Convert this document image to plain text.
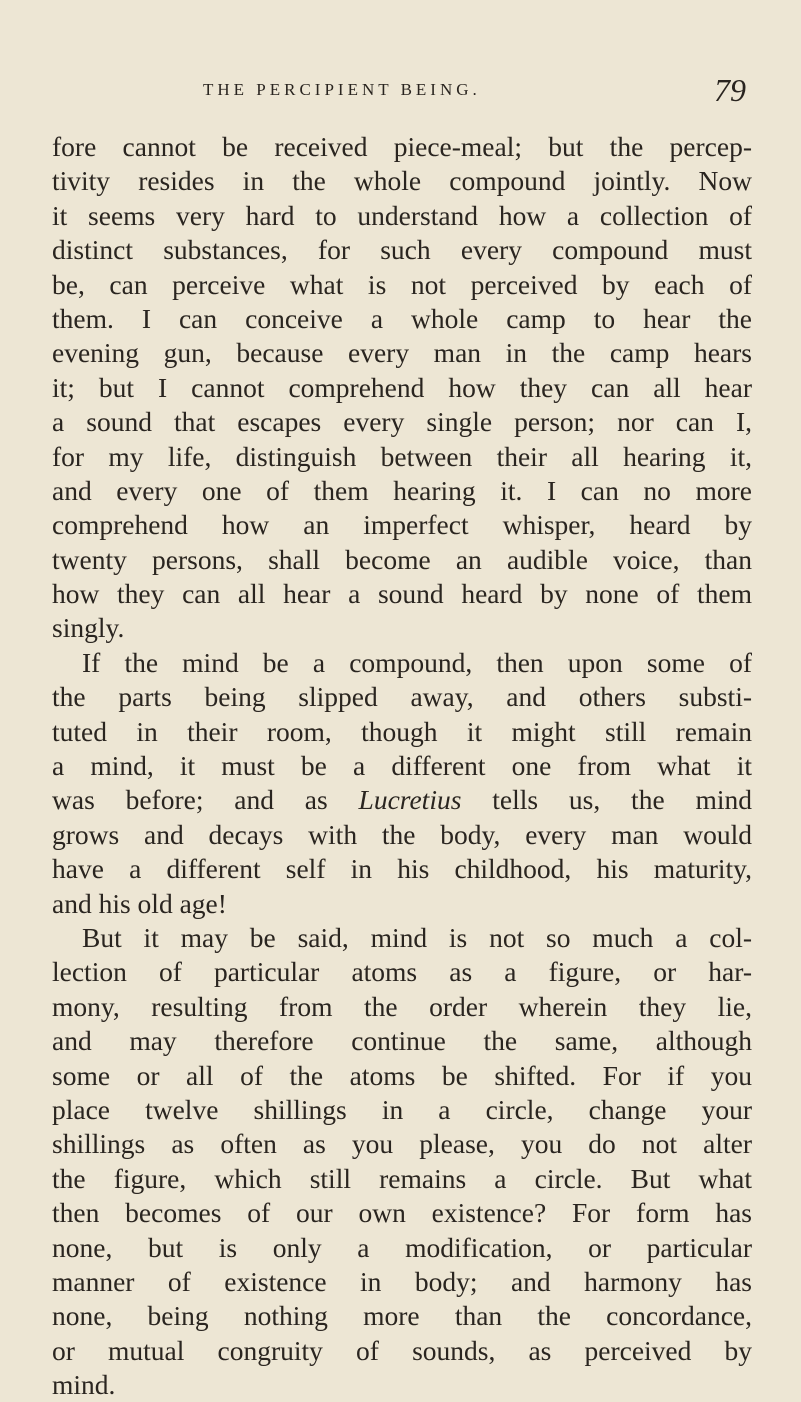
THE PERCIPIENT BEING.	79
fore cannot be received piece-meal; but the percep-
tivity resides in the whole compound jointly. Now
it seems very hard to understand how a collection of
distinct substances, for such every compound must
be, can perceive what is not perceived by each of
them. I can conceive a whole camp to hear the
evening gun, because every man in the camp hears
it; but I cannot comprehend how they can all hear
a sound that escapes every single person; nor can I,
for my life, distinguish between their all hearing it,
and every one of them hearing it. I can no more
comprehend how an imperfect whisper, heard by
twenty persons, shall become an audible voice, than
how they can all hear a sound heard by none of them
singly.
If the mind be a compound, then upon some of
the parts being slipped away, and others substi-
tuted in their room, though it might still remain
a mind, it must be a different one from what it
was before; and as Lucretius tells us, the mind
grows and decays with the body, every man would
have a different self in his childhood, his maturity,
and his old age!
But it may be said, mind is not so much a col-
lection of particular atoms as a figure, or har-
mony, resulting from the order wherein they lie,
and may therefore continue the same, although
some or all of the atoms be shifted. For if you
place twelve shillings in a circle, change your
shillings as often as you please, you do not alter
the figure, which still remains a circle. But what
then becomes of our own existence? For form has
none, but is only a modification, or particular
manner of existence in body; and harmony has
none, being nothing more than the concordance,
or mutual congruity of sounds, as perceived by
mind.
